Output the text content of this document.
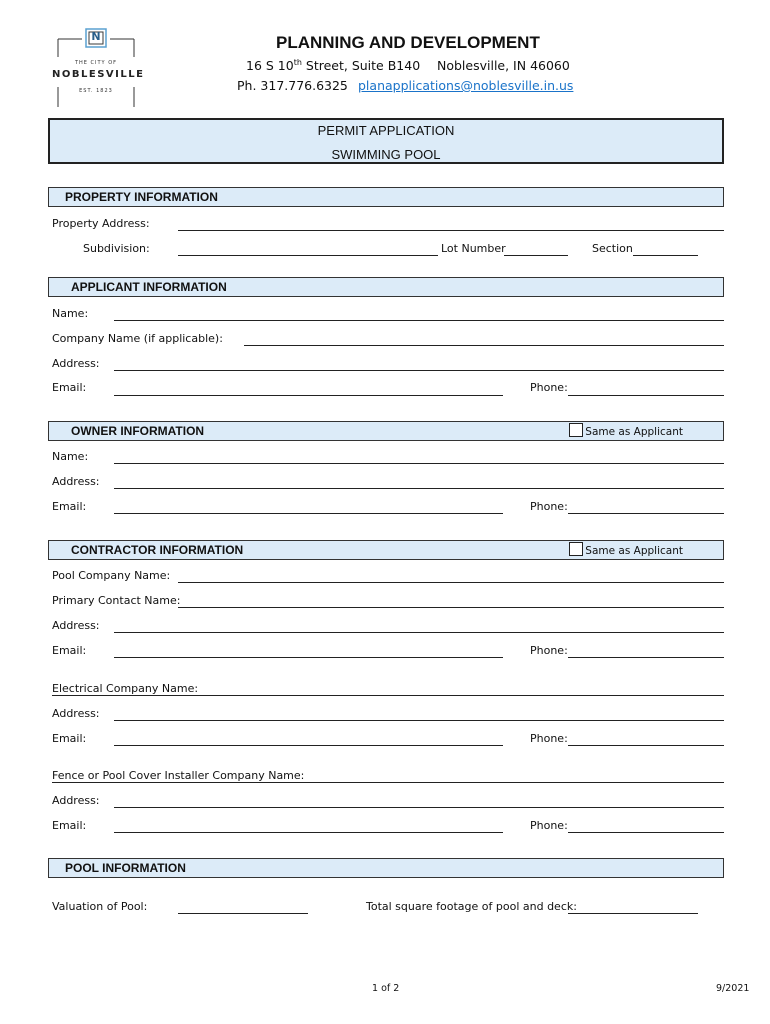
N
THE CITY OF
NOBLESVILLE
EST. 1823
PLANNING AND DEVELOPMENT
16 S 10th Street, Suite B140 Noblesville, IN 46060
Ph. 317.776.6325 planapplications@noblesville.in.us
PERMIT APPLICATION
SWIMMING POOL
PROPERTY INFORMATION
Property Address:
Subdivision:	Lot Number	Section
APPLICANT INFORMATION
Name:
Company Name (if applicable):
Address:
Email:	Phone:
OWNER INFORMATION	Same as Applicant
Name:
Address:
Email:	Phone:
CONTRACTOR INFORMATION	Same as Applicant
Pool Company Name:
Primary Contact Name:
Address:
Email:	Phone:
Electrical Company Name:
Address:
Email:	Phone:
Fence or Pool Cover Installer Company Name:
Address:
Email:	Phone:
POOL INFORMATION
Valuation of Pool:	Total square footage of pool and deck:
1 of 2	9/2021
